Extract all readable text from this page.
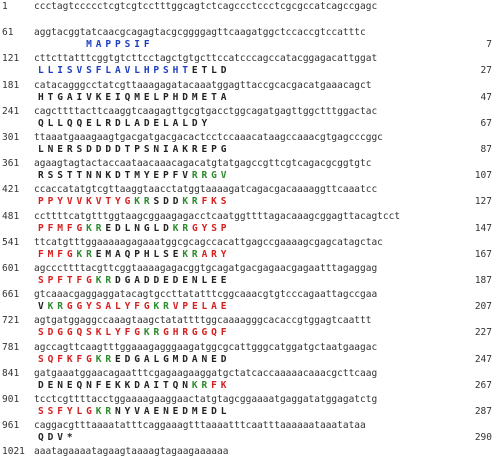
1	ccctagtccccctcgtcgtcctttggcagtctcagccctccctcgcgccatcagccgagc
61 aggtacggtatcaacgcagagtacgcggggagttcaagatggctccaccgtccatttc
MAPPSIF	7
121 cttcttatttcggtgtcttcctagctgtgcttccatcccagccatacggagacattggat
LLISVSFLAVLHPSHTETLD	27
181 catacagggcctatcgttaaagagatacaaatggagttaccgcacgacatgaaacagct
HTGAIVKEIQMELPHDMETA	47
241 cagcttttacttcaaggtcaagagttgcgtgacctggcagatgagttggctttggactac
QLLQQELRDLADELALDY	67
301 ttaaatgaaagaagtgacgatgacgacactcctccaaacataagccaaacgtgagcccggc
LNERSDDDDTPSNIAKREPG	87
361 agaagtagtactaccaataacaaacagacatgtatgagccgttcgtcagacgcggtgtc
RSSTTNNKDTMYEPFVRRGV	107
421 ccaccatatgtcgttaaggtaacctatggtaaaagatcagacgacaaaaggttcaaatcc
PPYVVKVTYGKRSDDKRFKS	127
481 ccttttcatgtttggtaagcggaagagacctcaatggttttagacaaagcggagttacagtcct
PFMFGKREDLNGLDKRGYSP	147
541 ttcatgtttggaaaaagagaaatggcgcagccacattgagccgaaaagcgagcatagctac
FMFGKREMAQPHLSEKRARY	167
601 agcccttttacgttcggtaaaagagacggtgcagatgacgagaacgagaatttagaggag
SPFTFGKRDGADDEDENLEE	187
661 gtcaaacgaggaggatacagtgccttatatttcggcaaacgtgtcccagaattagccgaa
VKRGGYSALYFGKRVPELAE	207
721 agtgatggaggccaaagtaagctatattttggcaaaagggcacaccgtggagtcaattt
SDGGQSKLYFGKRGHRGGQF	227
781 agccagttcaagtttggaaagagggaagatggcgcattgggcatggatgctaatgaagac
SQFKFGKREDGALGMDANED	247
841 gatgaaatggaacagaatttcgagaagaaggatgctatcaccaaaaacaaacgcttcaag
DENEQNFEKKDAITQNKRFK	267
901 tcctcgttttacctggaaaagaaggaactatgtagcggaaaatgaggatatggagatctg
SSFYLGKRNYVAENEDMEDL	287
961 caggacgtttaaaatatttcaggaaagtttaaaatttcaatttaaaaaataaatataa
QDV*	290
1021 aaatagaaaatagaagtaaaagtagaagaaaaaa
